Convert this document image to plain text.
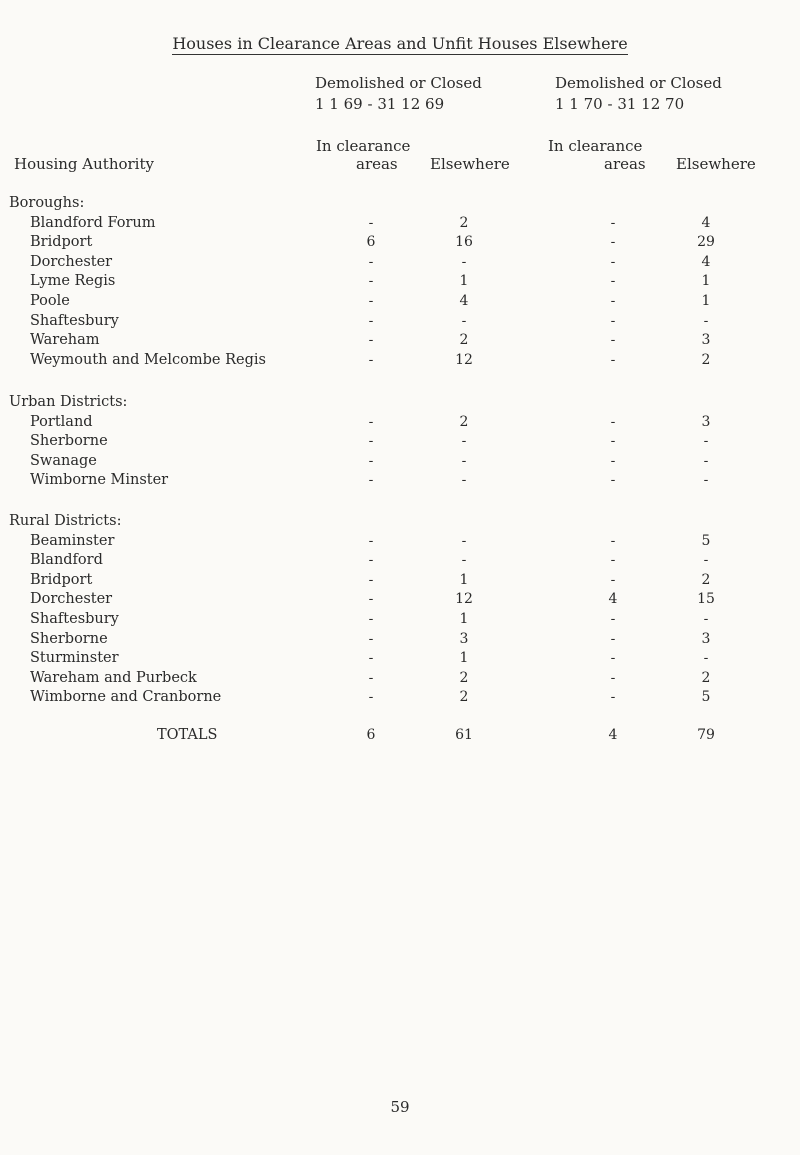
Houses in Clearance Areas and Unfit Houses Elsewhere
Demolished or Closed
1 1 69 - 31 12 69
Demolished or Closed
1 1 70 - 31 12 70
In clearance
areas Elsewhere
In clearance
areas Elsewhere
Housing Authority
Boroughs:
Blandford Forum	-	2	-	4
Bridport	6	16	-	29
Dorchester	-	-	-	4
Lyme Regis	-	1	-	1
Poole	-	4	-	1
Shaftesbury	-	-	-	-
Wareham	-	2	-	3
Weymouth and Melcombe Regis	-	12	-	2
Urban Districts:
Portland	-	2	-	3
Sherborne	-	-	-	-
Swanage	-	-	-	-
Wimborne Minster	-	-	-	-
Rural Districts:
Beaminster	-	-	-	5
Blandford	-	-	-	-
Bridport	-	1	-	2
Dorchester	-	12	4	15
Shaftesbury	-	1	-	-
Sherborne	-	3	-	3
Sturminster	-	1	-	-
Wareham and Purbeck	-	2	-	2
Wimborne and Cranborne	-	2	-	5
TOTALS	6	61	4	79
59
